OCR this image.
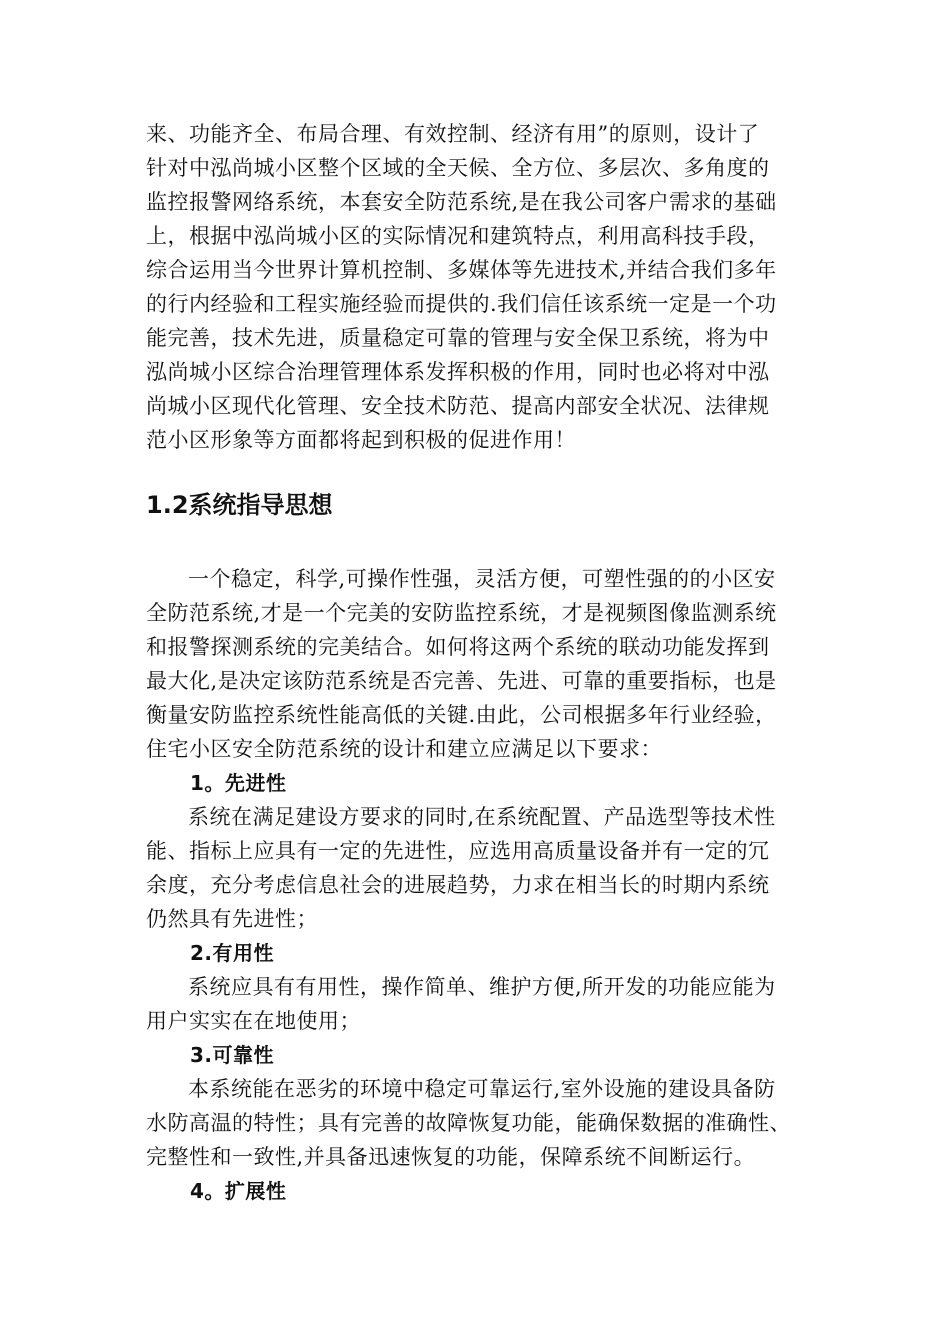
来、功能齐全、布局合理、有效控制、经济有用”的原则，设计了
针对中泓尚城小区整个区域的全天候、全方位、多层次、多角度的
监控报警网络系统，本套安全防范系统,是在我公司客户需求的基础
上，根据中泓尚城小区的实际情况和建筑特点，利用高科技手段，
综合运用当今世界计算机控制、多媒体等先进技术,并结合我们多年
的行内经验和工程实施经验而提供的.我们信任该系统一定是一个功
能完善，技术先进，质量稳定可靠的管理与安全保卫系统，将为中
泓尚城小区综合治理管理体系发挥积极的作用，同时也必将对中泓
尚城小区现代化管理、安全技术防范、提高内部安全状况、法律规
范小区形象等方面都将起到积极的促进作用！
1.2系统指导思想
一个稳定，科学,可操作性强，灵活方便，可塑性强的的小区安
全防范系统,才是一个完美的安防监控系统，才是视频图像监测系统
和报警探测系统的完美结合。如何将这两个系统的联动功能发挥到
最大化,是决定该防范系统是否完善、先进、可靠的重要指标，也是
衡量安防监控系统性能高低的关键.由此，公司根据多年行业经验，
住宅小区安全防范系统的设计和建立应满足以下要求：
1。先进性
系统在满足建设方要求的同时,在系统配置、产品选型等技术性
能、指标上应具有一定的先进性，应选用高质量设备并有一定的冗
余度，充分考虑信息社会的进展趋势，力求在相当长的时期内系统
仍然具有先进性；
2.有用性
系统应具有有用性，操作简单、维护方便,所开发的功能应能为
用户实实在在地使用；
3.可靠性
本系统能在恶劣的环境中稳定可靠运行,室外设施的建设具备防
水防高温的特性；具有完善的故障恢复功能，能确保数据的准确性、
完整性和一致性,并具备迅速恢复的功能，保障系统不间断运行。
4。扩展性
